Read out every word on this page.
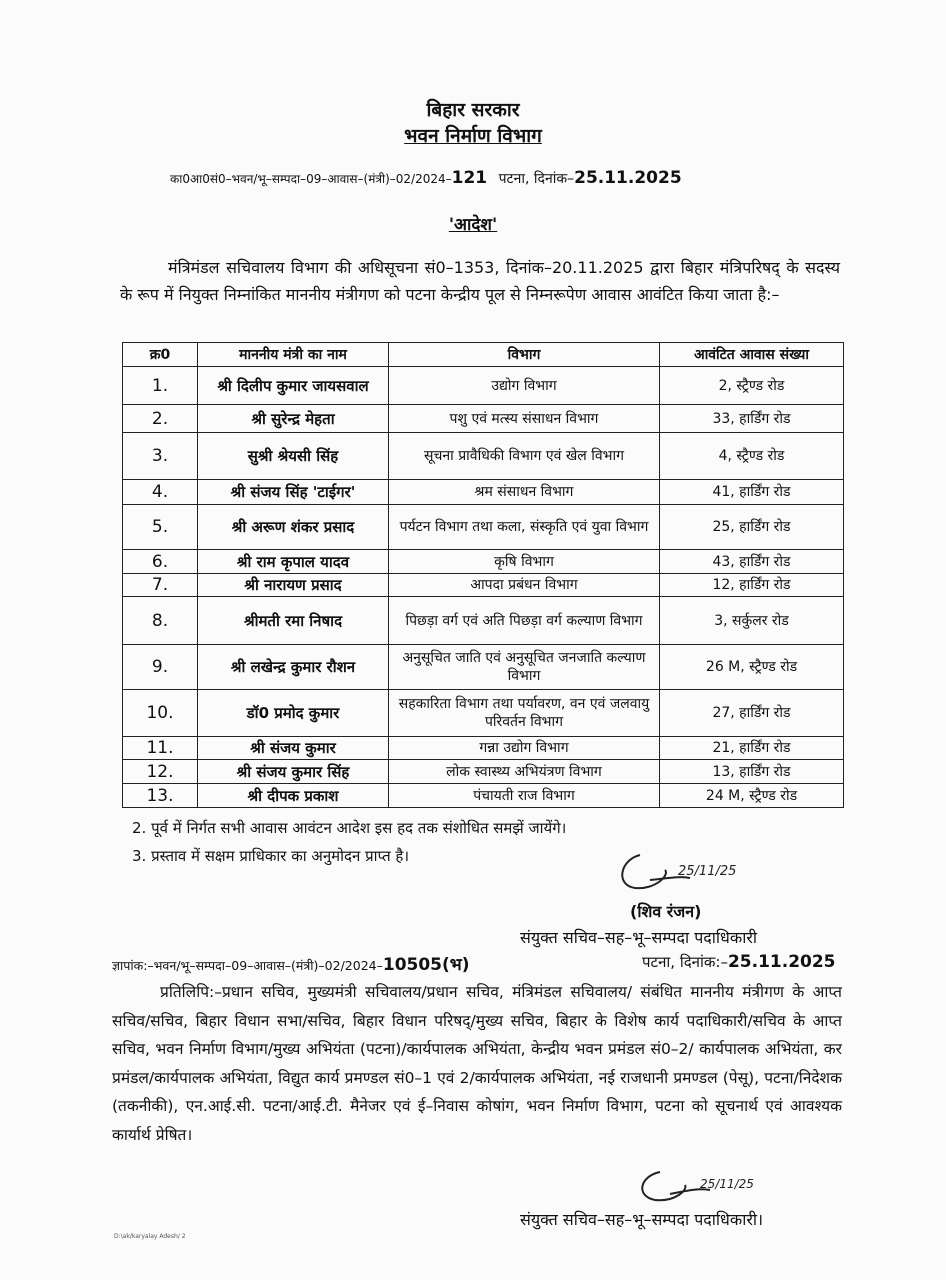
बिहार सरकार
भवन निर्माण विभाग
का0आ0सं0–भवन/भू–सम्पदा–09–आवास–(मंत्री)–02/2024–121 पटना, दिनांक–25.11.2025
'आदेश'
मंत्रिमंडल सचिवालय विभाग की अधिसूचना सं0–1353, दिनांक–20.11.2025 द्वारा बिहार मंत्रिपरिषद् के सदस्य के रूप में नियुक्त निम्नांकित माननीय मंत्रीगण को पटना केन्द्रीय पूल से निम्नरूपेण आवास आवंटित किया जाता है:–
क्र0	माननीय मंत्री का नाम	विभाग	आवंटित आवास संख्या
1.	श्री दिलीप कुमार जायसवाल	उद्योग विभाग	2, स्ट्रैण्ड रोड
2.	श्री सुरेन्द्र मेहता	पशु एवं मत्स्य संसाधन विभाग	33, हार्डिंग रोड
3.	सुश्री श्रेयसी सिंह	सूचना प्रावैधिकी विभाग एवं खेल विभाग	4, स्ट्रैण्ड रोड
4.	श्री संजय सिंह 'टाईगर'	श्रम संसाधन विभाग	41, हार्डिंग रोड
5.	श्री अरूण शंकर प्रसाद	पर्यटन विभाग तथा कला, संस्कृति एवं युवा विभाग	25, हार्डिंग रोड
6.	श्री राम कृपाल यादव	कृषि विभाग	43, हार्डिंग रोड
7.	श्री नारायण प्रसाद	आपदा प्रबंधन विभाग	12, हार्डिंग रोड
8.	श्रीमती रमा निषाद	पिछड़ा वर्ग एवं अति पिछड़ा वर्ग कल्याण विभाग	3, सर्कुलर रोड
9.	श्री लखेन्द्र कुमार रौशन	अनुसूचित जाति एवं अनुसूचित जनजाति कल्याण विभाग	26 M, स्ट्रैण्ड रोड
10.	डॉ0 प्रमोद कुमार	सहकारिता विभाग तथा पर्यावरण, वन एवं जलवायु परिवर्तन विभाग	27, हार्डिंग रोड
11.	श्री संजय कुमार	गन्ना उद्योग विभाग	21, हार्डिंग रोड
12.	श्री संजय कुमार सिंह	लोक स्वास्थ्य अभियंत्रण विभाग	13, हार्डिंग रोड
13.	श्री दीपक प्रकाश	पंचायती राज विभाग	24 M, स्ट्रैण्ड रोड
2. पूर्व में निर्गत सभी आवास आवंटन आदेश इस हद तक संशोधित समझें जायेंगे।
3. प्रस्ताव में सक्षम प्राधिकार का अनुमोदन प्राप्त है।
25/11/25
(शिव रंजन)
संयुक्त सचिव–सह–भू–सम्पदा पदाधिकारी
ज्ञापांक:–भवन/भू–सम्पदा–09–आवास–(मंत्री)–02/2024–10505(भ)	पटना, दिनांक:–25.11.2025
प्रतिलिपि:–प्रधान सचिव, मुख्यमंत्री सचिवालय/प्रधान सचिव, मंत्रिमंडल सचिवालय/ संबंधित माननीय मंत्रीगण के आप्त सचिव/सचिव, बिहार विधान सभा/सचिव, बिहार विधान परिषद्/मुख्य सचिव, बिहार के विशेष कार्य पदाधिकारी/सचिव के आप्त सचिव, भवन निर्माण विभाग/मुख्य अभियंता (पटना)/कार्यपालक अभियंता, केन्द्रीय भवन प्रमंडल सं0–2/ कार्यपालक अभियंता, कर प्रमंडल/कार्यपालक अभियंता, विद्युत कार्य प्रमण्डल सं0–1 एवं 2/कार्यपालक अभियंता, नई राजधानी प्रमण्डल (पेसू), पटना/निदेशक (तकनीकी), एन.आई.सी. पटना/आई.टी. मैनेजर एवं ई–निवास कोषांग, भवन निर्माण विभाग, पटना को सूचनार्थ एवं आवश्यक कार्यार्थ प्रेषित।
25/11/25
संयुक्त सचिव–सह–भू–सम्पदा पदाधिकारी।
D:\ak/karyalay Adesh/ 2
